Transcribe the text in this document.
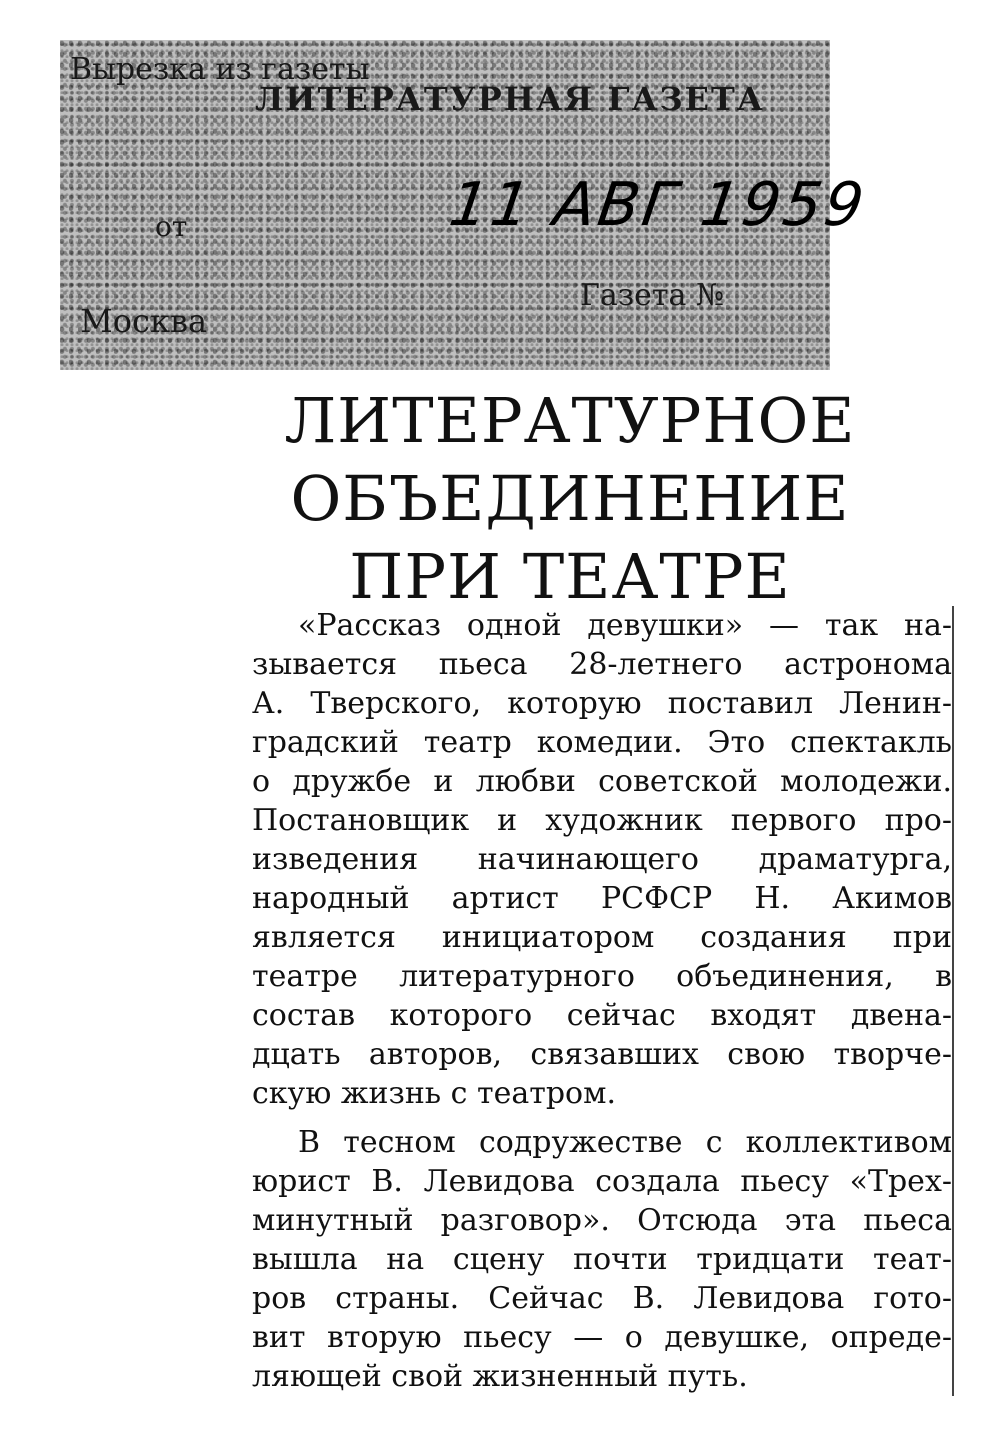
Вырезка из газеты
ЛИТЕРАТУРНАЯ ГАЗЕТА
от	11 АВГ 1959
Москва
Газета №
ЛИТЕРАТУРНОЕ
ОБЪЕДИНЕНИЕ
ПРИ ТЕАТРЕ

«Рассказ одной девушки» — так на-
зывается пьеса 28-летнего астронома
А. Тверского, которую поставил Ленин-
градский театр комедии. Это спектакль
о дружбе и любви советской молодежи.
Постановщик и художник первого про-
изведения начинающего драматурга,
народный артист РСФСР Н. Акимов
является инициатором создания при
театре литературного объединения, в
состав которого сейчас входят двена-
дцать авторов, связавших свою творче-
скую жизнь с театром.

В тесном содружестве с коллективом
юрист В. Левидова создала пьесу «Трех-
минутный разговор». Отсюда эта пьеса
вышла на сцену почти тридцати теат-
ров страны. Сейчас В. Левидова гото-
вит вторую пьесу — о девушке, опреде-
ляющей свой жизненный путь.
